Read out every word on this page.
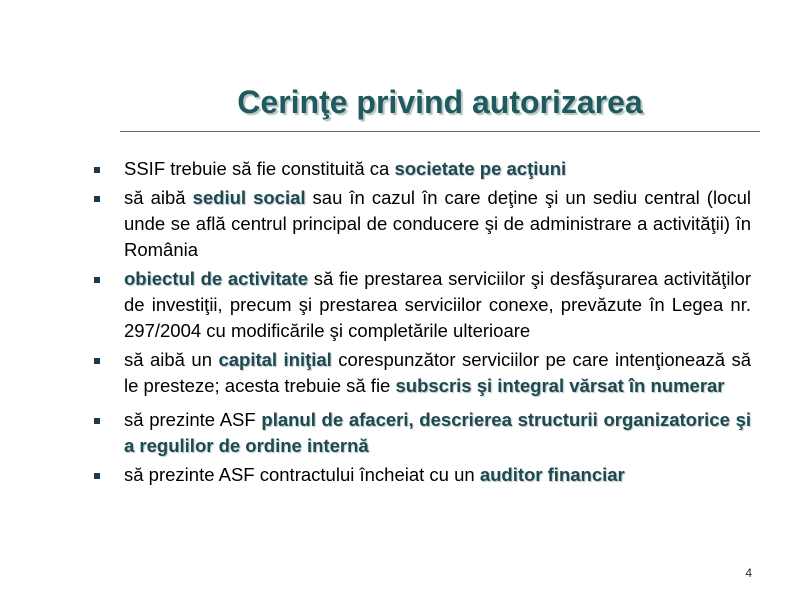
Cerinţe privind autorizarea
SSIF trebuie să fie constituită ca societate pe acţiuni
să aibă sediul social sau în cazul în care deţine şi un sediu central (locul unde se află centrul principal de conducere şi de administrare a activităţii) în România
obiectul de activitate să fie prestarea serviciilor şi desfăşurarea activităţilor de investiţii, precum şi prestarea serviciilor conexe, prevăzute în Legea nr. 297/2004 cu modificările şi completările ulterioare
să aibă un capital iniţial corespunzător serviciilor pe care intenţionează să le presteze; acesta trebuie să fie subscris şi integral vărsat în numerar
să prezinte ASF planul de afaceri, descrierea structurii organizatorice şi a regulilor de ordine internă
să prezinte ASF contractului încheiat cu un auditor financiar
4
